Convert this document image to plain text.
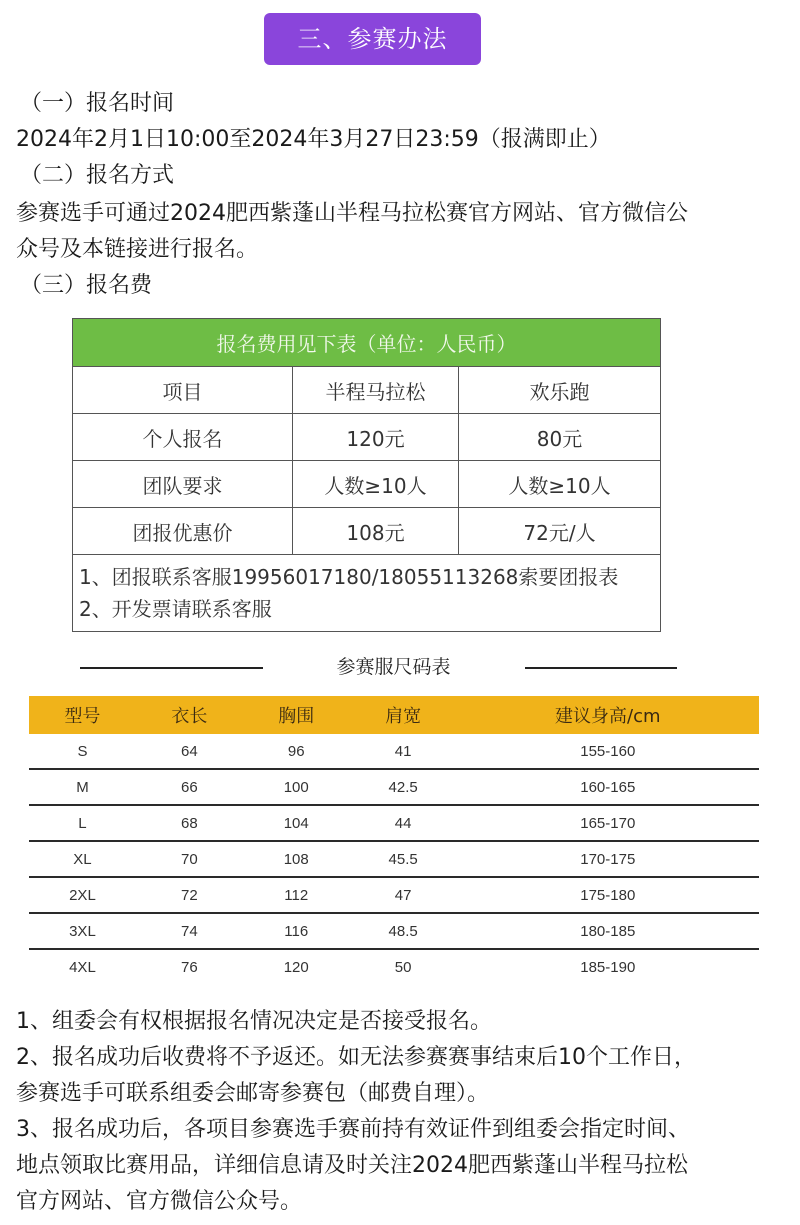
三、参赛办法
（一）报名时间
2024年2月1日10:00至2024年3月27日23:59（报满即止）
（二）报名方式
参赛选手可通过2024肥西紫蓬山半程马拉松赛官方网站、官方微信公
众号及本链接进行报名。
（三）报名费
报名费用见下表（单位：人民币）		
项目	半程马拉松	欢乐跑
个人报名	120元	80元
团队要求	人数≥10人	人数≥10人
团报优惠价	108元	72元/人

1、团报联系客服19956017180/18055113268索要团报表
2、开发票请联系客服		
参赛服尺码表
型号	衣长	胸围	肩宽	建议身高/cm
S	64	96	41	155-160
M	66	100	42.5	160-165
L	68	104	44	165-170
XL	70	108	45.5	170-175
2XL	72	112	47	175-180
3XL	74	116	48.5	180-185
4XL	76	120	50	185-190
1、组委会有权根据报名情况决定是否接受报名。
2、报名成功后收费将不予返还。如无法参赛赛事结束后10个工作日，
参赛选手可联系组委会邮寄参赛包（邮费自理）。
3、报名成功后，各项目参赛选手赛前持有效证件到组委会指定时间、
地点领取比赛用品，详细信息请及时关注2024肥西紫蓬山半程马拉松
官方网站、官方微信公众号。
